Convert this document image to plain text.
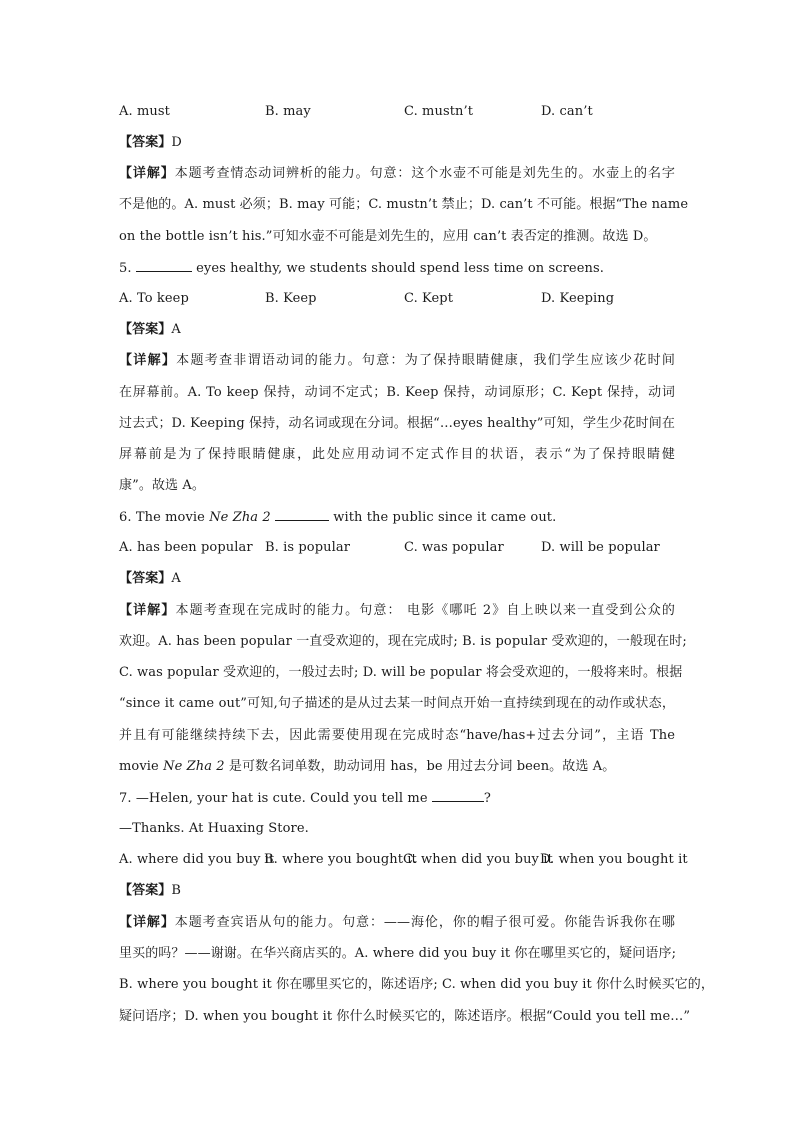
A. must	B. may	C. mustn’t	D. can’t
【答案】D
【详解】本题考查情态动词辨析的能力。句意：这个水壶不可能是刘先生的。水壶上的名字
不是他的。A. must 必须；B. may 可能；C. mustn’t 禁止；D. can’t 不可能。根据“The name
on the bottle isn’t his.”可知水壶不可能是刘先生的，应用 can’t 表否定的推测。故选 D。
5.	eyes healthy, we students should spend less time on screens.
A. To keep	B. Keep	C. Kept	D. Keeping
【答案】A
【详解】本题考查非谓语动词的能力。句意：为了保持眼睛健康，我们学生应该少花时间
在屏幕前。A. To keep 保持，动词不定式；B. Keep 保持，动词原形；C. Kept 保持，动词
过去式；D. Keeping 保持，动名词或现在分词。根据“…eyes healthy”可知，学生少花时间在
屏幕前是为了保持眼睛健康，此处应用动词不定式作目的状语，表示“为了保持眼睛健
康”。故选 A。
6. The movie Ne Zha 2	with the public since it came out.
A. has been popular B. is popular	C. was popular	D. will be popular
【答案】A
【详解】本题考查现在完成时的能力。句意： 电影《哪吒 2》自上映以来一直受到公众的
欢迎。A. has been popular 一直受欢迎的，现在完成时; B. is popular 受欢迎的，一般现在时;
C. was popular 受欢迎的，一般过去时; D. will be popular 将会受欢迎的，一般将来时。根据
“since it came out”可知,句子描述的是从过去某一时间点开始一直持续到现在的动作或状态，
并且有可能继续持续下去，因此需要使用现在完成时态“have/has+过去分词”，主语 The
movie Ne Zha 2 是可数名词单数，助动词用 has，be 用过去分词 been。故选 A。
7. —Helen, your hat is cute. Could you tell me	?
—Thanks. At Huaxing Store.
A. where did you buy it
B. where you bought it
C. when did you buy it
D. when you bought it
【答案】B
【详解】本题考查宾语从句的能力。句意：——海伦，你的帽子很可爱。你能告诉我你在哪
里买的吗？——谢谢。在华兴商店买的。A. where did you buy it 你在哪里买它的，疑问语序;
B. where you bought it 你在哪里买它的，陈述语序; C. when did you buy it 你什么时候买它的，
疑问语序；D. when you bought it 你什么时候买它的，陈述语序。根据“Could you tell me…”
